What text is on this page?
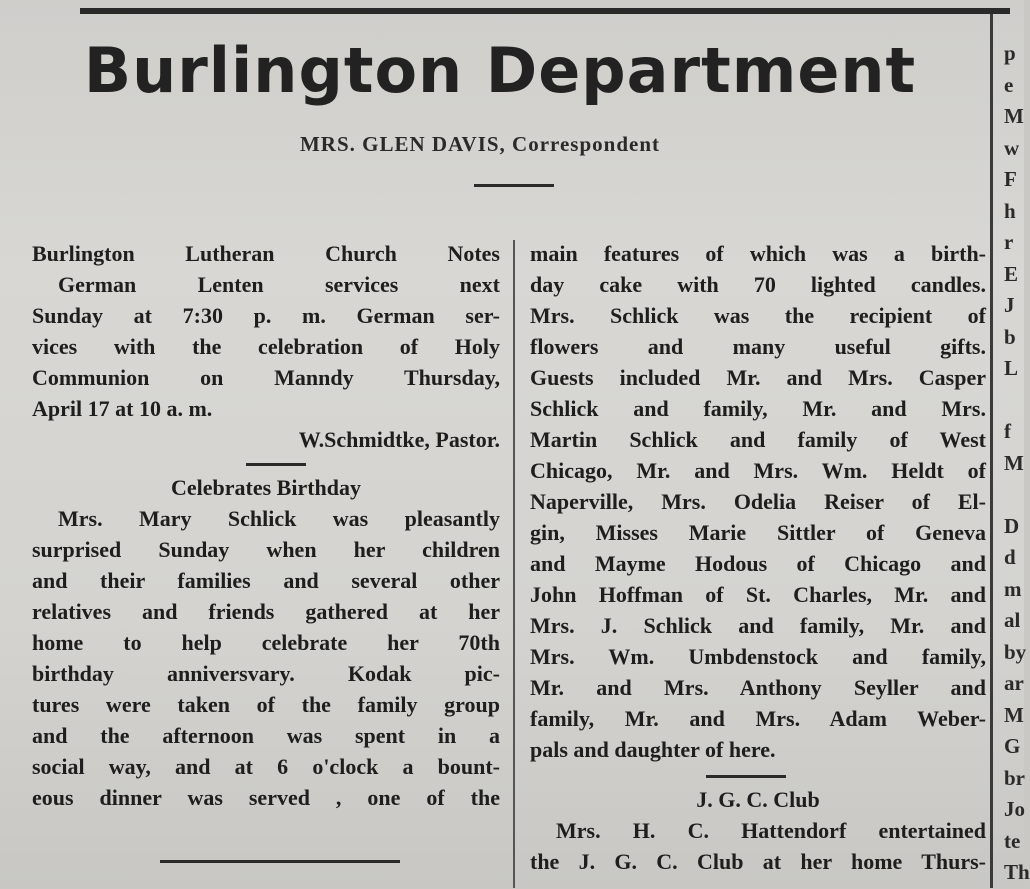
Burlington Department
MRS. GLEN DAVIS, Correspondent
Burlington Lutheran Church Notes
German Lenten services next
Sunday at 7:30 p. m. German ser-
vices with the celebration of Holy
Communion on Manndy Thursday,
April 17 at 10 a. m.
W.Schmidtke, Pastor.
Celebrates Birthday
Mrs. Mary Schlick was pleasantly
surprised Sunday when her children
and their families and several other
relatives and friends gathered at her
home to help celebrate her 70th
birthday anniversvary. Kodak pic-
tures were taken of the family group
and the afternoon was spent in a
social way, and at 6 o'clock a bount-
eous dinner was served , one of the
main features of which was a birth-
day cake with 70 lighted candles.
Mrs. Schlick was the recipient of
flowers and many useful gifts.
Guests included Mr. and Mrs. Casper
Schlick and family, Mr. and Mrs.
Martin Schlick and family of West
Chicago, Mr. and Mrs. Wm. Heldt of
Naperville, Mrs. Odelia Reiser of El-
gin, Misses Marie Sittler of Geneva
and Mayme Hodous of Chicago and
John Hoffman of St. Charles, Mr. and
Mrs. J. Schlick and family, Mr. and
Mrs. Wm. Umbdenstock and family,
Mr. and Mrs. Anthony Seyller and
family, Mr. and Mrs. Adam Weber-
pals and daughter of here.
J. G. C. Club
Mrs. H. C. Hattendorf entertained
the J. G. C. Club at her home Thurs-
p
e
M
w
F
h
r
E
J
b
L
f
M
D
d
m
al
by
ar
M
G
br
Jo
te
Th
